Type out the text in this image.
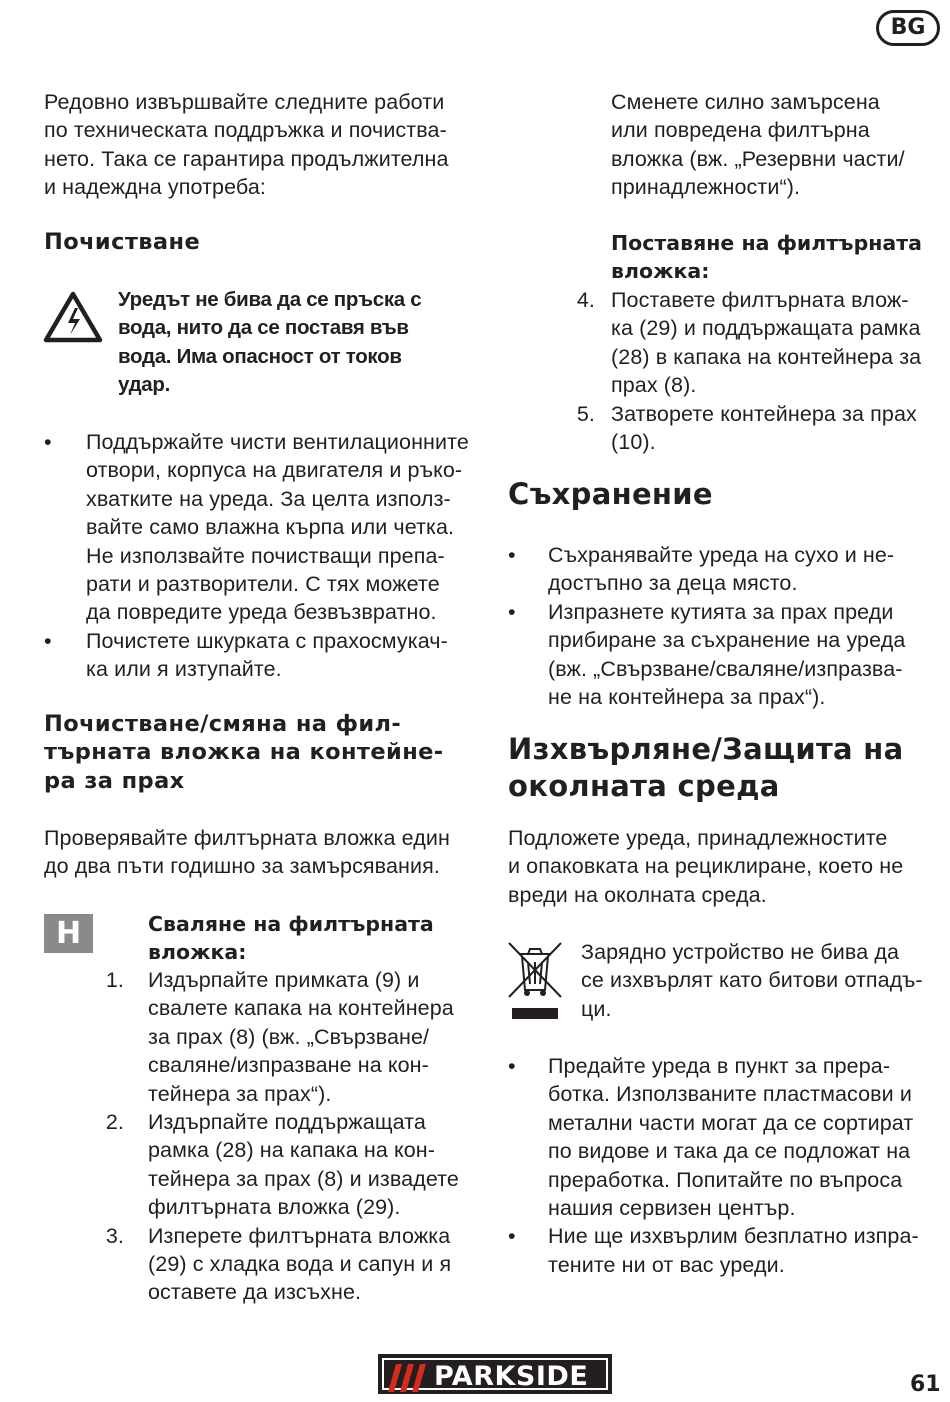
BG
Редовно извършвайте следните работи
по техническата поддръжка и почиства-
нето. Така се гарантира продължителна
и надеждна употреба:
Почистване
Уредът не бива да се пръска с
вода, нито да се поставя във
вода. Има опасност от токов
удар.
• Поддържайте чисти вентилационните
отвори, корпуса на двигателя и ръко-
хватките на уреда. За целта използ-
вайте само влажна кърпа или четка.
Не използвайте почистващи препа-
рати и разтворители. С тях можете
да повредите уреда безвъзвратно.
• Почистете шкурката с прахосмукач-
ка или я изтупайте.
Почистване/смяна на фил-
търната вложка на контейне-
ра за прах
Проверявайте филтърната вложка един
до два пъти годишно за замърсявания.
H	Сваляне на филтърната
вложка:
1. Издърпайте примката (9) и
свалете капака на контейнера
за прах (8) (вж. „Свързване/
сваляне/изпразване на кон-
тейнера за прах“).
2. Издърпайте поддържащата
рамка (28) на капака на кон-
тейнера за прах (8) и извадете
филтърната вложка (29).
3. Изперете филтърната вложка
(29) с хладка вода и сапун и я
оставете да изсъхне.
Сменете силно замърсена
или повредена филтърна
вложка (вж. „Резервни части/
принадлежности“).
Поставяне на филтърната
вложка:
4. Поставете филтърната влож-
ка (29) и поддържащата рамка
(28) в капака на контейнера за
прах (8).
5. Затворете контейнера за прах
(10).
Съхранение
• Съхранявайте уреда на сухо и не-
достъпно за деца място.
• Изпразнете кутията за прах преди
прибиране за съхранение на уреда
(вж. „Свързване/сваляне/изпразва-
не на контейнера за прах“).
Изхвърляне/Защита на
околната среда
Подложете уреда, принадлежностите
и опаковката на рециклиране, което не
вреди на околната среда.
Зарядно устройство не бива да
се изхвърлят като битови отпадъ-
ци.
• Предайте уреда в пункт за прера-
ботка. Използваните пластмасови и
метални части могат да се сортират
по видове и така да се подложат на
преработка. Попитайте по въпроса
нашия сервизен център.
• Ние ще изхвърлим безплатно изпра-
тените ни от вас уреди.
PARKSIDE	61
